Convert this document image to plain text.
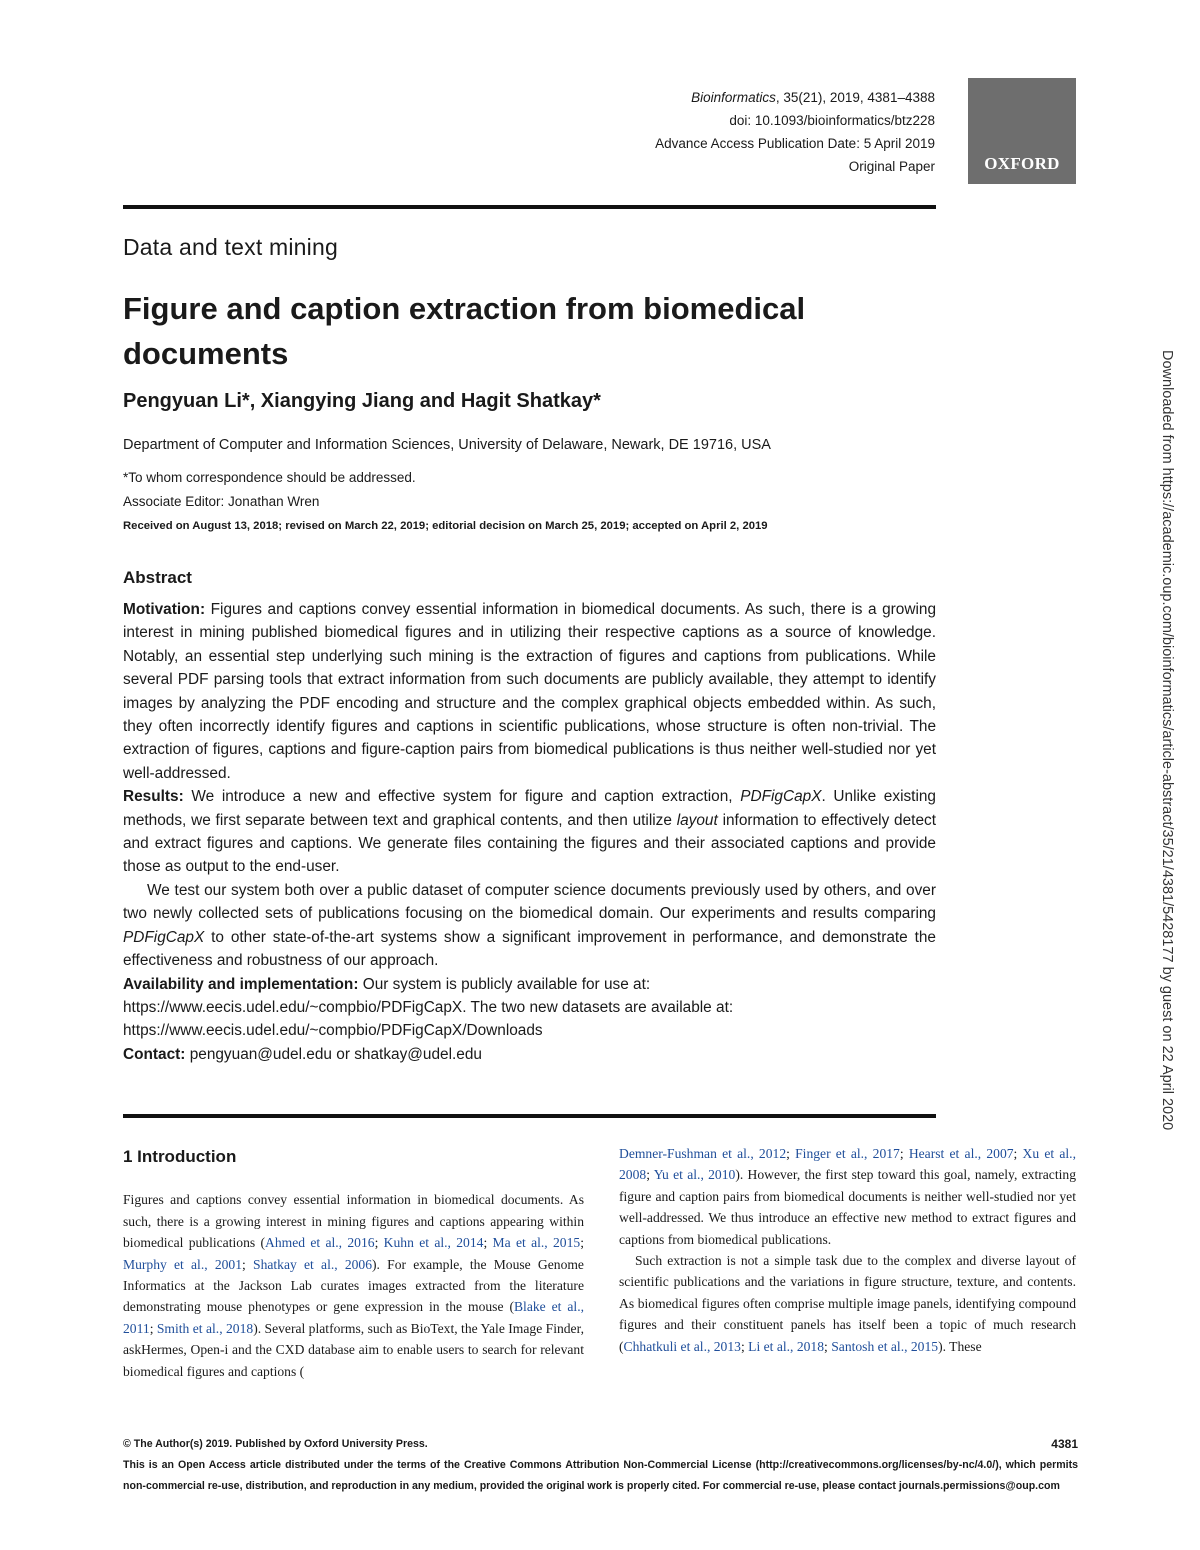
Bioinformatics, 35(21), 2019, 4381–4388
doi: 10.1093/bioinformatics/btz228
Advance Access Publication Date: 5 April 2019
Original Paper	OXFORD
Data and text mining
Figure and caption extraction from biomedical documents
Pengyuan Li*, Xiangying Jiang and Hagit Shatkay*
Department of Computer and Information Sciences, University of Delaware, Newark, DE 19716, USA
*To whom correspondence should be addressed.
Associate Editor: Jonathan Wren
Received on August 13, 2018; revised on March 22, 2019; editorial decision on March 25, 2019; accepted on April 2, 2019
Abstract

Motivation: Figures and captions convey essential information in biomedical documents. As such, there is a growing interest in mining published biomedical figures and in utilizing their respective captions as a source of knowledge. Notably, an essential step underlying such mining is the extraction of figures and captions from publications. While several PDF parsing tools that extract information from such documents are publicly available, they attempt to identify images by analyzing the PDF encoding and structure and the complex graphical objects embedded within. As such, they often incorrectly identify figures and captions in scientific publications, whose structure is often non-trivial. The extraction of figures, captions and figure-caption pairs from biomedical publications is thus neither well-studied nor yet well-addressed.

Results: We introduce a new and effective system for figure and caption extraction, PDFigCapX. Unlike existing methods, we first separate between text and graphical contents, and then utilize layout information to effectively detect and extract figures and captions. We generate files containing the figures and their associated captions and provide those as output to the end-user.

We test our system both over a public dataset of computer science documents previously used by others, and over two newly collected sets of publications focusing on the biomedical domain. Our experiments and results comparing PDFigCapX to other state-of-the-art systems show a significant improvement in performance, and demonstrate the effectiveness and robustness of our approach.

Availability and implementation: Our system is publicly available for use at:
https://www.eecis.udel.edu/~compbio/PDFigCapX. The two new datasets are available at:
https://www.eecis.udel.edu/~compbio/PDFigCapX/Downloads

Contact: pengyuan@udel.edu or shatkay@udel.edu

1 Introduction

Figures and captions convey essential information in biomedical documents. As such, there is a growing interest in mining figures and captions appearing within biomedical publications (Ahmed et al., 2016; Kuhn et al., 2014; Ma et al., 2015; Murphy et al., 2001; Shatkay et al., 2006). For example, the Mouse Genome Informatics at the Jackson Lab curates images extracted from the literature demonstrating mouse phenotypes or gene expression in the mouse (Blake et al., 2011; Smith et al., 2018). Several platforms, such as BioText, the Yale Image Finder, askHermes, Open-i and the CXD database aim to enable users to search for relevant biomedical figures and captions (

Demner-Fushman et al., 2012; Finger et al., 2017; Hearst et al., 2007; Xu et al., 2008; Yu et al., 2010). However, the first step toward this goal, namely, extracting figure and caption pairs from biomedical documents is neither well-studied nor yet well-addressed. We thus introduce an effective new method to extract figures and captions from biomedical publications.

Such extraction is not a simple task due to the complex and diverse layout of scientific publications and the variations in figure structure, texture, and contents. As biomedical figures often comprise multiple image panels, identifying compound figures and their constituent panels has itself been a topic of much research (Chhatkuli et al., 2013; Li et al., 2018; Santosh et al., 2015). These

© The Author(s) 2019. Published by Oxford University Press.	4381
This is an Open Access article distributed under the terms of the Creative Commons Attribution Non-Commercial License (http://creativecommons.org/licenses/by-nc/4.0/), which permits non-commercial re-use, distribution, and reproduction in any medium, provided the original work is properly cited. For commercial re-use, please contact journals.permissions@oup.com
Downloaded from https://academic.oup.com/bioinformatics/article-abstract/35/21/4381/5428177 by guest on 22 April 2020
